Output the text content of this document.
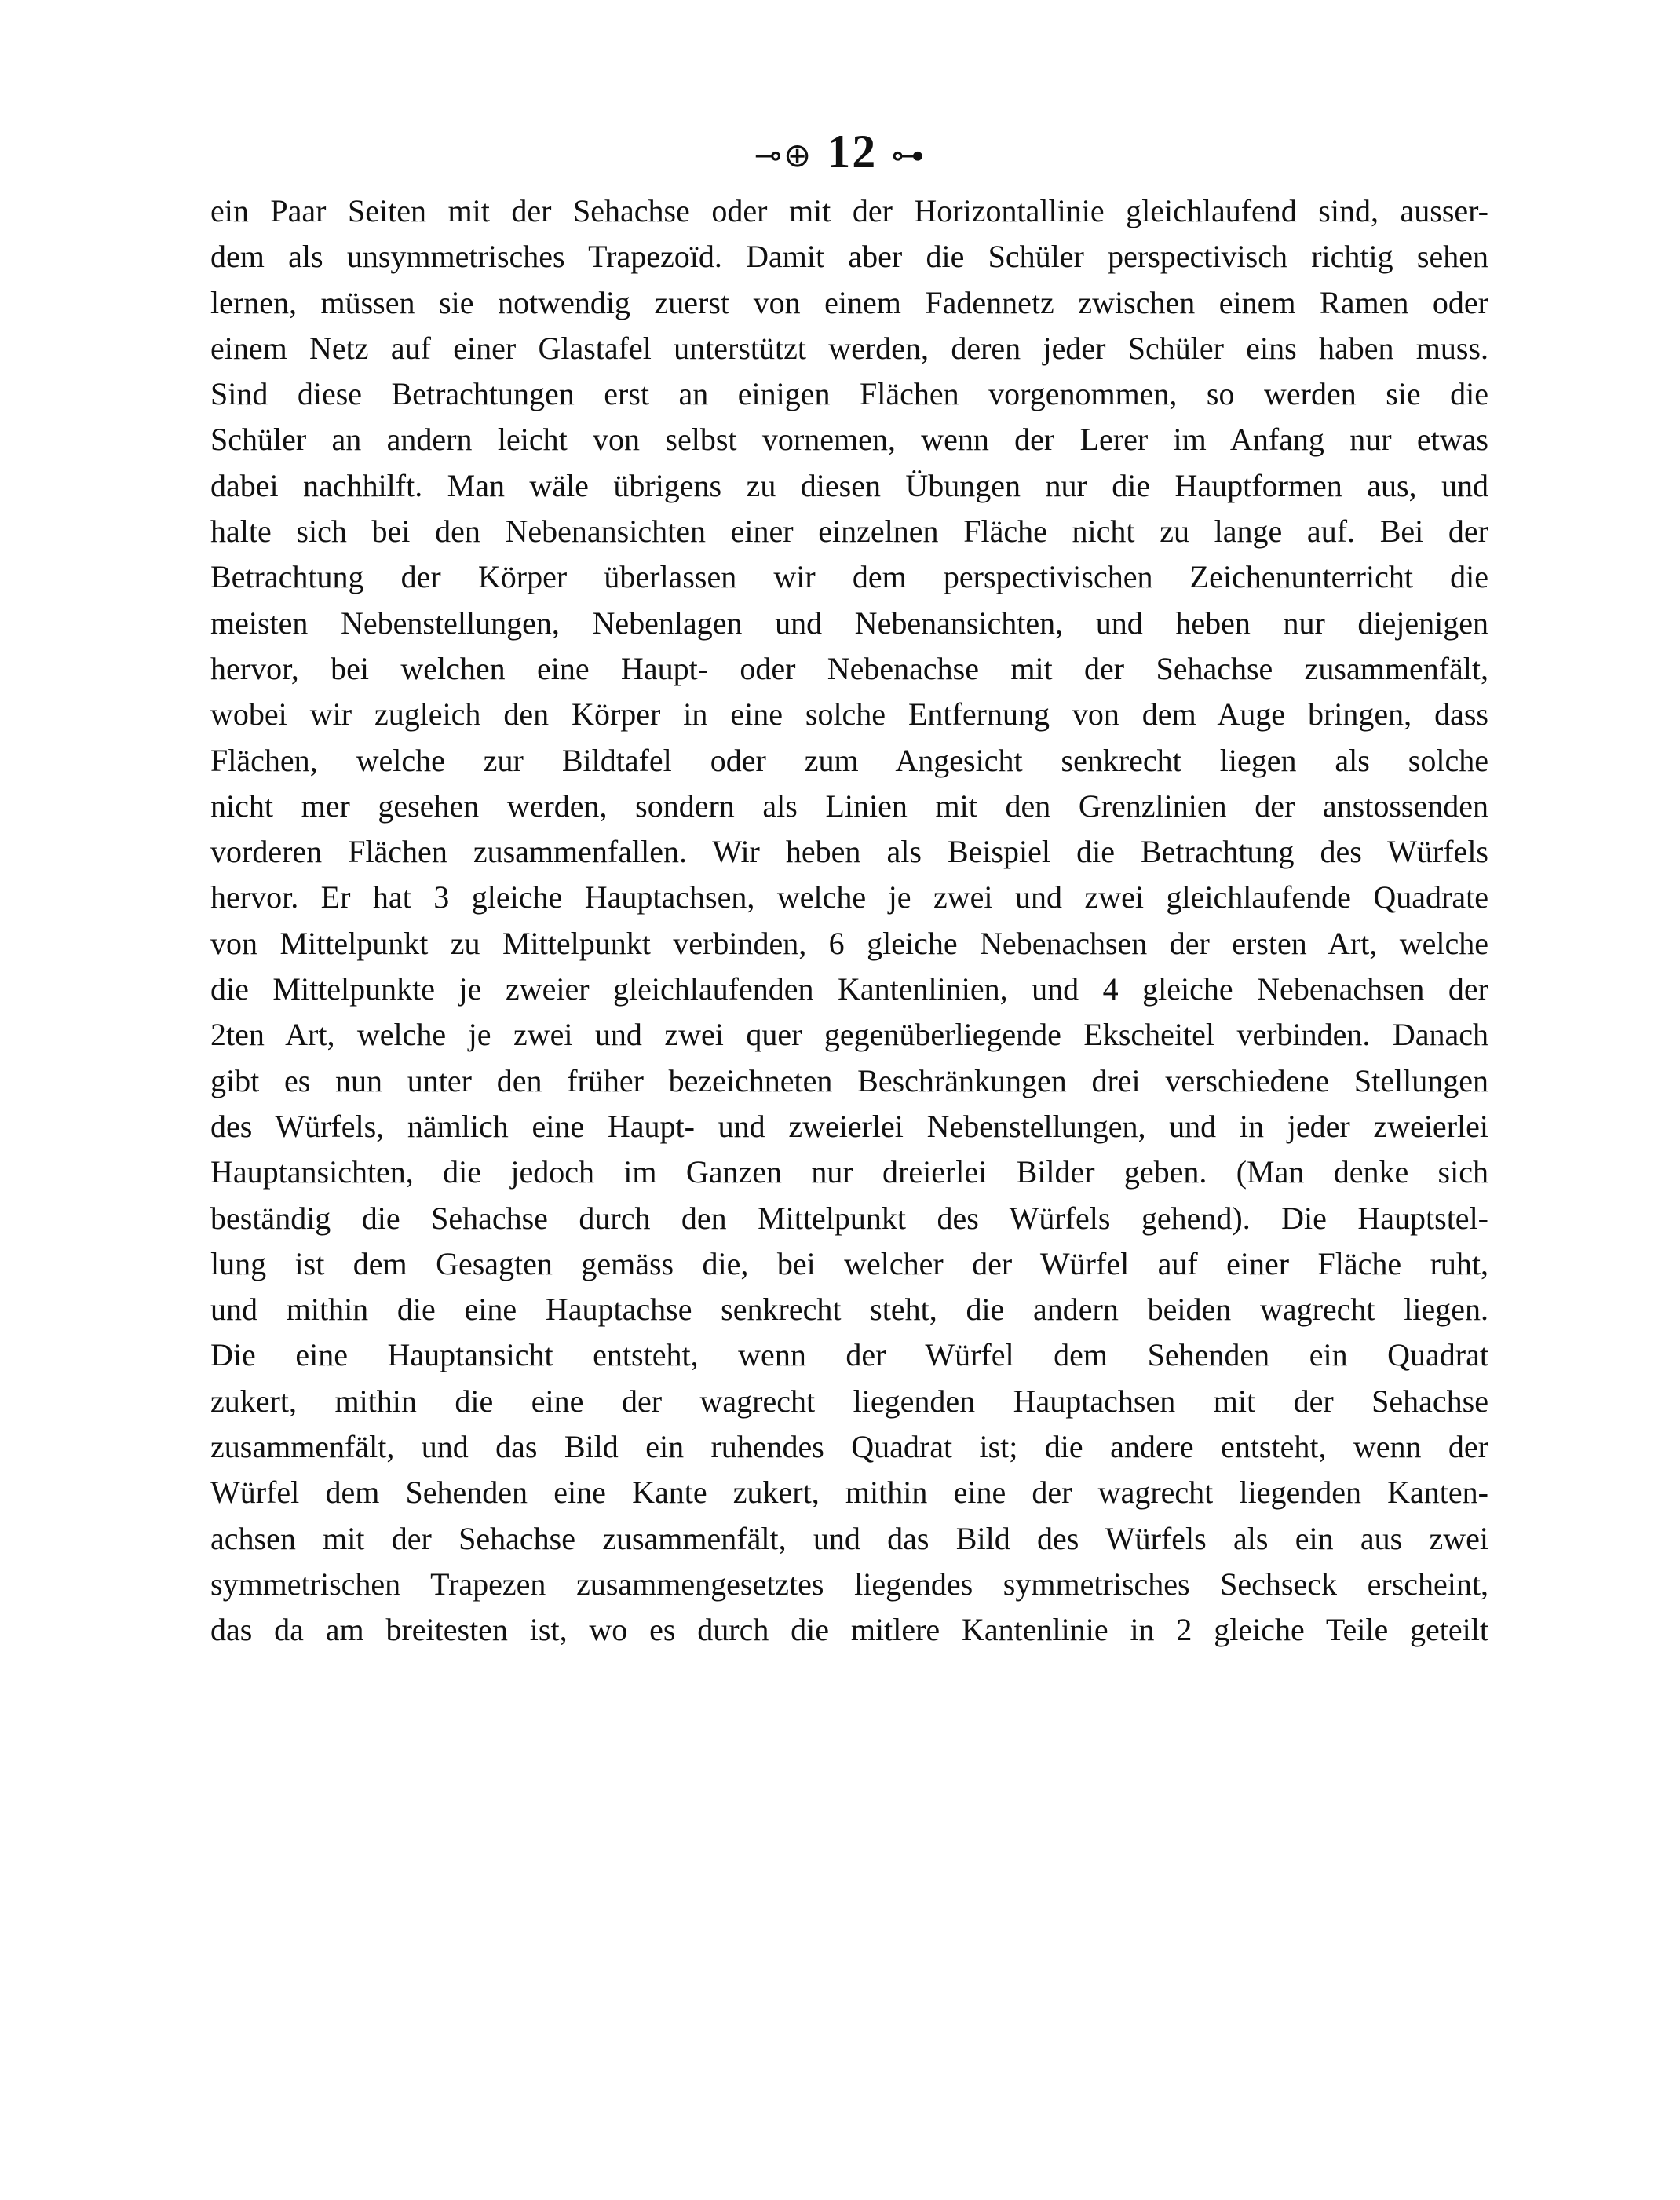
⊸⊕ 12 ⊶
ein Paar Seiten mit der Sehachse oder mit der Horizontallinie gleichlaufend sind, ausser-
dem als unsymmetrisches Trapezoïd. Damit aber die Schüler perspectivisch richtig sehen
lernen, müssen sie notwendig zuerst von einem Fadennetz zwischen einem Ramen oder
einem Netz auf einer Glastafel unterstützt werden, deren jeder Schüler eins haben muss.
Sind diese Betrachtungen erst an einigen Flächen vorgenommen, so werden sie die
Schüler an andern leicht von selbst vornemen, wenn der Lerer im Anfang nur etwas
dabei nachhilft. Man wäle übrigens zu diesen Übungen nur die Hauptformen aus, und
halte sich bei den Nebenansichten einer einzelnen Fläche nicht zu lange auf. Bei der
Betrachtung der Körper überlassen wir dem perspectivischen Zeichenunterricht die
meisten Nebenstellungen, Nebenlagen und Nebenansichten, und heben nur diejenigen
hervor, bei welchen eine Haupt- oder Nebenachse mit der Sehachse zusammenfält,
wobei wir zugleich den Körper in eine solche Entfernung von dem Auge bringen, dass
Flächen, welche zur Bildtafel oder zum Angesicht senkrecht liegen als solche
nicht mer gesehen werden, sondern als Linien mit den Grenzlinien der anstossenden
vorderen Flächen zusammenfallen. Wir heben als Beispiel die Betrachtung des Würfels
hervor. Er hat 3 gleiche Hauptachsen, welche je zwei und zwei gleichlaufende Quadrate
von Mittelpunkt zu Mittelpunkt verbinden, 6 gleiche Nebenachsen der ersten Art, welche
die Mittelpunkte je zweier gleichlaufenden Kantenlinien, und 4 gleiche Nebenachsen der
2ten Art, welche je zwei und zwei quer gegenüberliegende Ekscheitel verbinden. Danach
gibt es nun unter den früher bezeichneten Beschränkungen drei verschiedene Stellungen
des Würfels, nämlich eine Haupt- und zweierlei Nebenstellungen, und in jeder zweierlei
Hauptansichten, die jedoch im Ganzen nur dreierlei Bilder geben. (Man denke sich
beständig die Sehachse durch den Mittelpunkt des Würfels gehend). Die Hauptstel-
lung ist dem Gesagten gemäss die, bei welcher der Würfel auf einer Fläche ruht,
und mithin die eine Hauptachse senkrecht steht, die andern beiden wagrecht liegen.
Die eine Hauptansicht entsteht, wenn der Würfel dem Sehenden ein Quadrat
zukert, mithin die eine der wagrecht liegenden Hauptachsen mit der Sehachse
zusammenfält, und das Bild ein ruhendes Quadrat ist; die andere entsteht, wenn der
Würfel dem Sehenden eine Kante zukert, mithin eine der wagrecht liegenden Kanten-
achsen mit der Sehachse zusammenfält, und das Bild des Würfels als ein aus zwei
symmetrischen Trapezen zusammengesetztes liegendes symmetrisches Sechseck erscheint,
das da am breitesten ist, wo es durch die mitlere Kantenlinie in 2 gleiche Teile geteilt
